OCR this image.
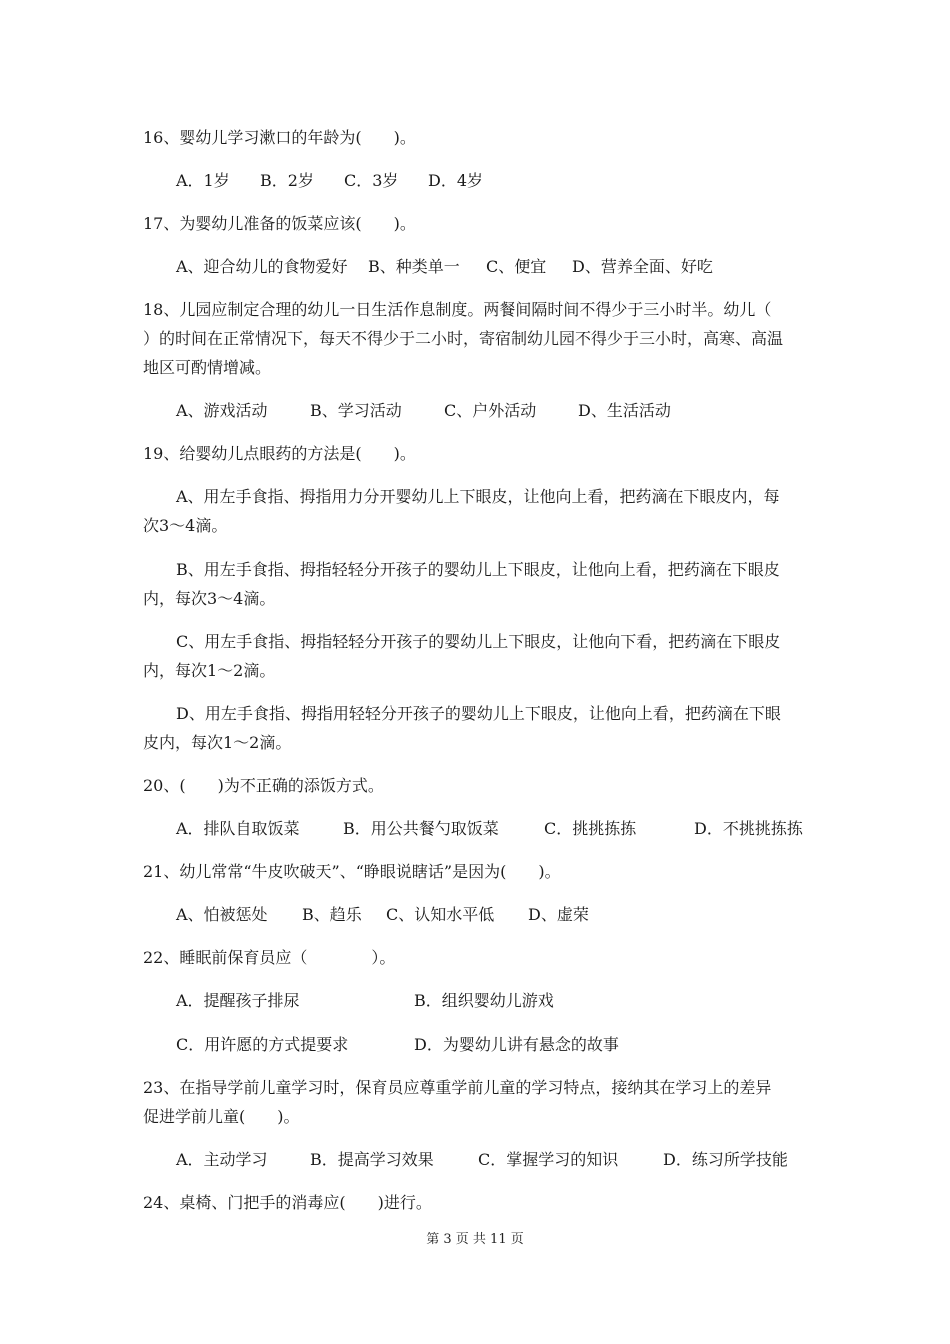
16、婴幼儿学习漱口的年龄为(　　)。
A．1岁 B．2岁 C．3岁 D．4岁
17、为婴幼儿准备的饭菜应该(　　)。
A、迎合幼儿的食物爱好 B、种类单一 C、便宜 D、营养全面、好吃
18、儿园应制定合理的幼儿一日生活作息制度。两餐间隔时间不得少于三小时半。幼儿（
）的时间在正常情况下，每天不得少于二小时，寄宿制幼儿园不得少于三小时，高寒、高温
地区可酌情增减。
A、游戏活动	B、学习活动	C、户外活动	D、生活活动
19、给婴幼儿点眼药的方法是(　　)。
A、用左手食指、拇指用力分开婴幼儿上下眼皮，让他向上看，把药滴在下眼皮内，每
次3～4滴。
B、用左手食指、拇指轻轻分开孩子的婴幼儿上下眼皮，让他向上看，把药滴在下眼皮
内，每次3～4滴。
C、用左手食指、拇指轻轻分开孩子的婴幼儿上下眼皮，让他向下看，把药滴在下眼皮
内，每次1～2滴。
D、用左手食指、拇指用轻轻分开孩子的婴幼儿上下眼皮，让他向上看，把药滴在下眼
皮内，每次1～2滴。
20、(　　)为不正确的添饭方式。
A．排队自取饭菜	B．用公共餐勺取饭菜	C．挑挑拣拣	D．不挑挑拣拣
21、幼儿常常“牛皮吹破天”、“睁眼说瞎话”是因为(　　)。
A、怕被惩处 B、趋乐 C、认知水平低 D、虚荣
22、睡眠前保育员应（　　　　）。
A．提醒孩子排尿	B．组织婴幼儿游戏
C．用许愿的方式提要求	D．为婴幼儿讲有悬念的故事
23、在指导学前儿童学习时，保育员应尊重学前儿童的学习特点，接纳其在学习上的差异
促进学前儿童(　　)。
A．主动学习	B．提高学习效果	C．掌握学习的知识	D．练习所学技能
24、桌椅、门把手的消毒应(　　)进行。
第 3 页 共 11 页
